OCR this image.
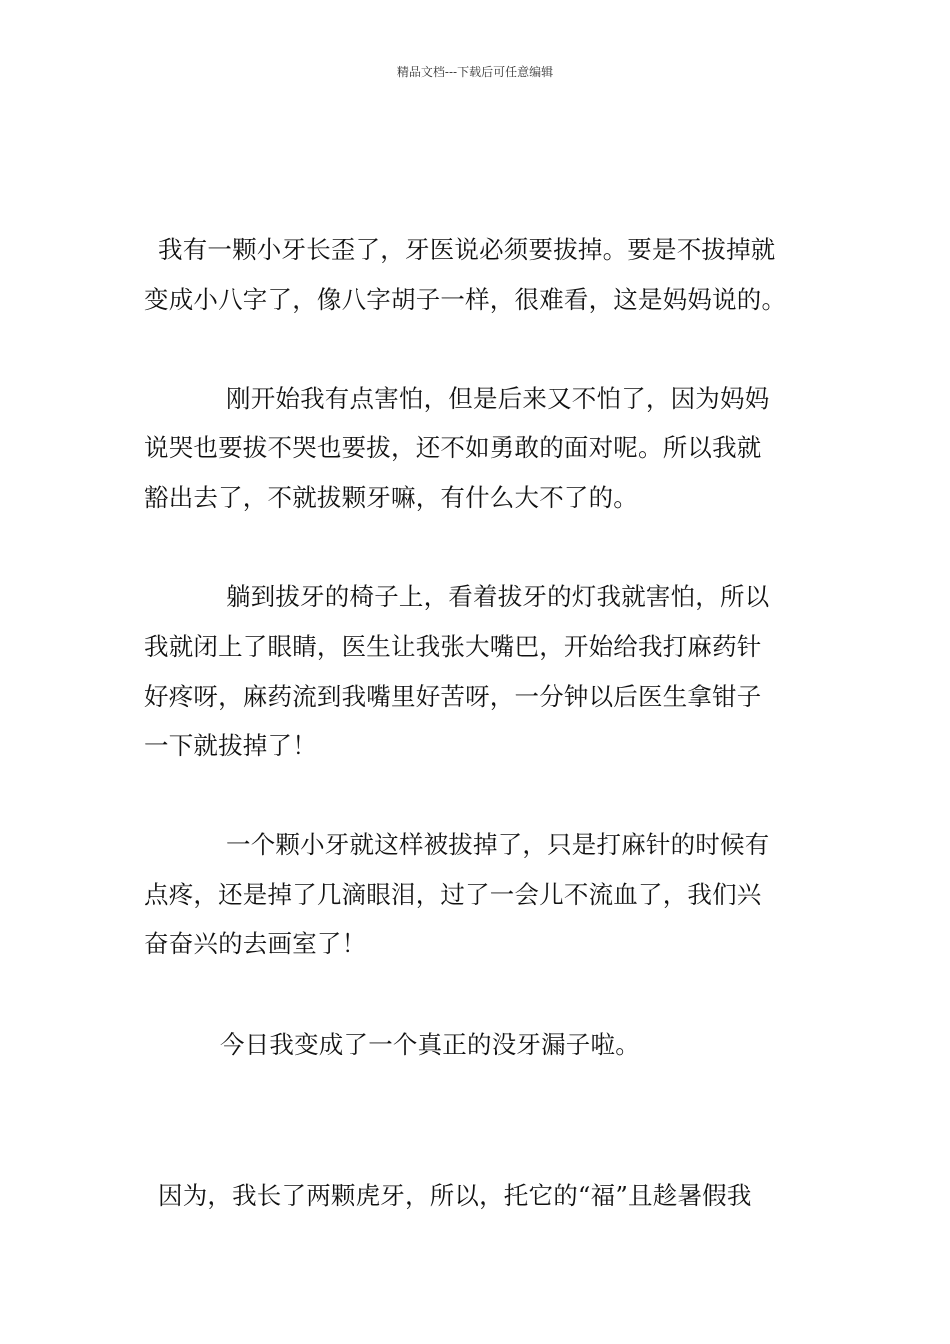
精品文档---下载后可任意编辑
我有一颗小牙长歪了，牙医说必须要拔掉。要是不拔掉就
变成小八字了，像八字胡子一样，很难看，这是妈妈说的。
刚开始我有点害怕，但是后来又不怕了，因为妈妈
说哭也要拔不哭也要拔，还不如勇敢的面对呢。所以我就
豁出去了，不就拔颗牙嘛，有什么大不了的。
躺到拔牙的椅子上，看着拔牙的灯我就害怕，所以
我就闭上了眼睛，医生让我张大嘴巴，开始给我打麻药针
好疼呀，麻药流到我嘴里好苦呀，一分钟以后医生拿钳子
一下就拔掉了！
一个颗小牙就这样被拔掉了，只是打麻针的时候有
点疼，还是掉了几滴眼泪，过了一会儿不流血了，我们兴
奋奋兴的去画室了！
今日我变成了一个真正的没牙漏子啦。
因为，我长了两颗虎牙，所以，托它的“福”且趁暑假我
